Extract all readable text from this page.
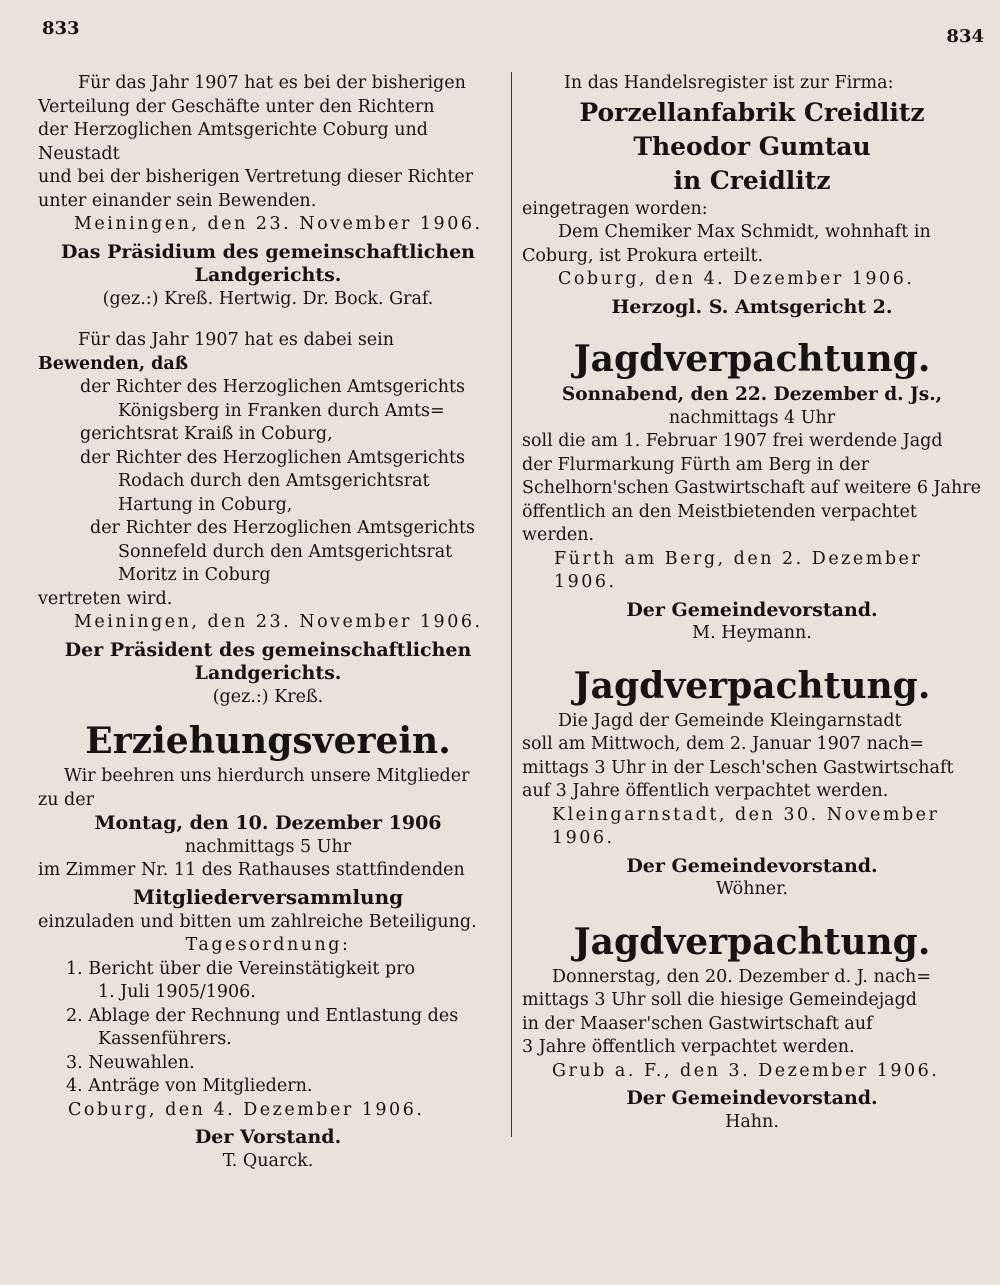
833	834

Für das Jahr 1907 hat es bei der bisherigen

Verteilung der Geschäfte unter den Richtern

der Herzoglichen Amtsgerichte Coburg und Neustadt

und bei der bisherigen Vertretung dieser Richter

unter einander sein Bewenden.

Meiningen, den 23. November 1906.

Das Präsidium des gemeinschaftlichen Landgerichts.

(gez.:) Kreß. Hertwig. Dr. Bock. Graf.

Für das Jahr 1907 hat es dabei sein

Bewenden, daß

der Richter des Herzoglichen Amtsgerichts

Königsberg in Franken durch Amts=

gerichtsrat Kraiß in Coburg,

der Richter des Herzoglichen Amtsgerichts

Rodach durch den Amtsgerichtsrat

Hartung in Coburg,

der Richter des Herzoglichen Amtsgerichts

Sonnefeld durch den Amtsgerichtsrat

Moritz in Coburg

vertreten wird.

Meiningen, den 23. November 1906.

Der Präsident des gemeinschaftlichen Landgerichts.

(gez.:) Kreß.

Erziehungsverein.

Wir beehren uns hierdurch unsere Mitglieder

zu der

Montag, den 10. Dezember 1906

nachmittags 5 Uhr

im Zimmer Nr. 11 des Rathauses stattfindenden

Mitgliederversammlung

einzuladen und bitten um zahlreiche Beteiligung.

Tagesordnung:

1. Bericht über die Vereinstätigkeit pro

1. Juli 1905/1906.

2. Ablage der Rechnung und Entlastung des

Kassenführers.

3. Neuwahlen.

4. Anträge von Mitgliedern.

Coburg, den 4. Dezember 1906.

Der Vorstand.

T. Quarck.

In das Handelsregister ist zur Firma:

Porzellanfabrik Creidlitz Theodor Gumtau

in Creidlitz

eingetragen worden:

Dem Chemiker Max Schmidt, wohnhaft in

Coburg, ist Prokura erteilt.

Coburg, den 4. Dezember 1906.

Herzogl. S. Amtsgericht 2.

Jagdverpachtung.

Sonnabend, den 22. Dezember d. Js.,

nachmittags 4 Uhr

soll die am 1. Februar 1907 frei werdende Jagd

der Flurmarkung Fürth am Berg in der

Schelhorn'schen Gastwirtschaft auf weitere 6 Jahre

öffentlich an den Meistbietenden verpachtet werden.

Fürth am Berg, den 2. Dezember 1906.

Der Gemeindevorstand.

M. Heymann.

Jagdverpachtung.

Die Jagd der Gemeinde Kleingarnstadt

soll am Mittwoch, dem 2. Januar 1907 nach=

mittags 3 Uhr in der Lesch'schen Gastwirtschaft

auf 3 Jahre öffentlich verpachtet werden.

Kleingarnstadt, den 30. November 1906.

Der Gemeindevorstand.

Wöhner.

Jagdverpachtung.

Donnerstag, den 20. Dezember d. J. nach=

mittags 3 Uhr soll die hiesige Gemeindejagd

in der Maaser'schen Gastwirtschaft auf

3 Jahre öffentlich verpachtet werden.

Grub a. F., den 3. Dezember 1906.

Der Gemeindevorstand.

Hahn.
